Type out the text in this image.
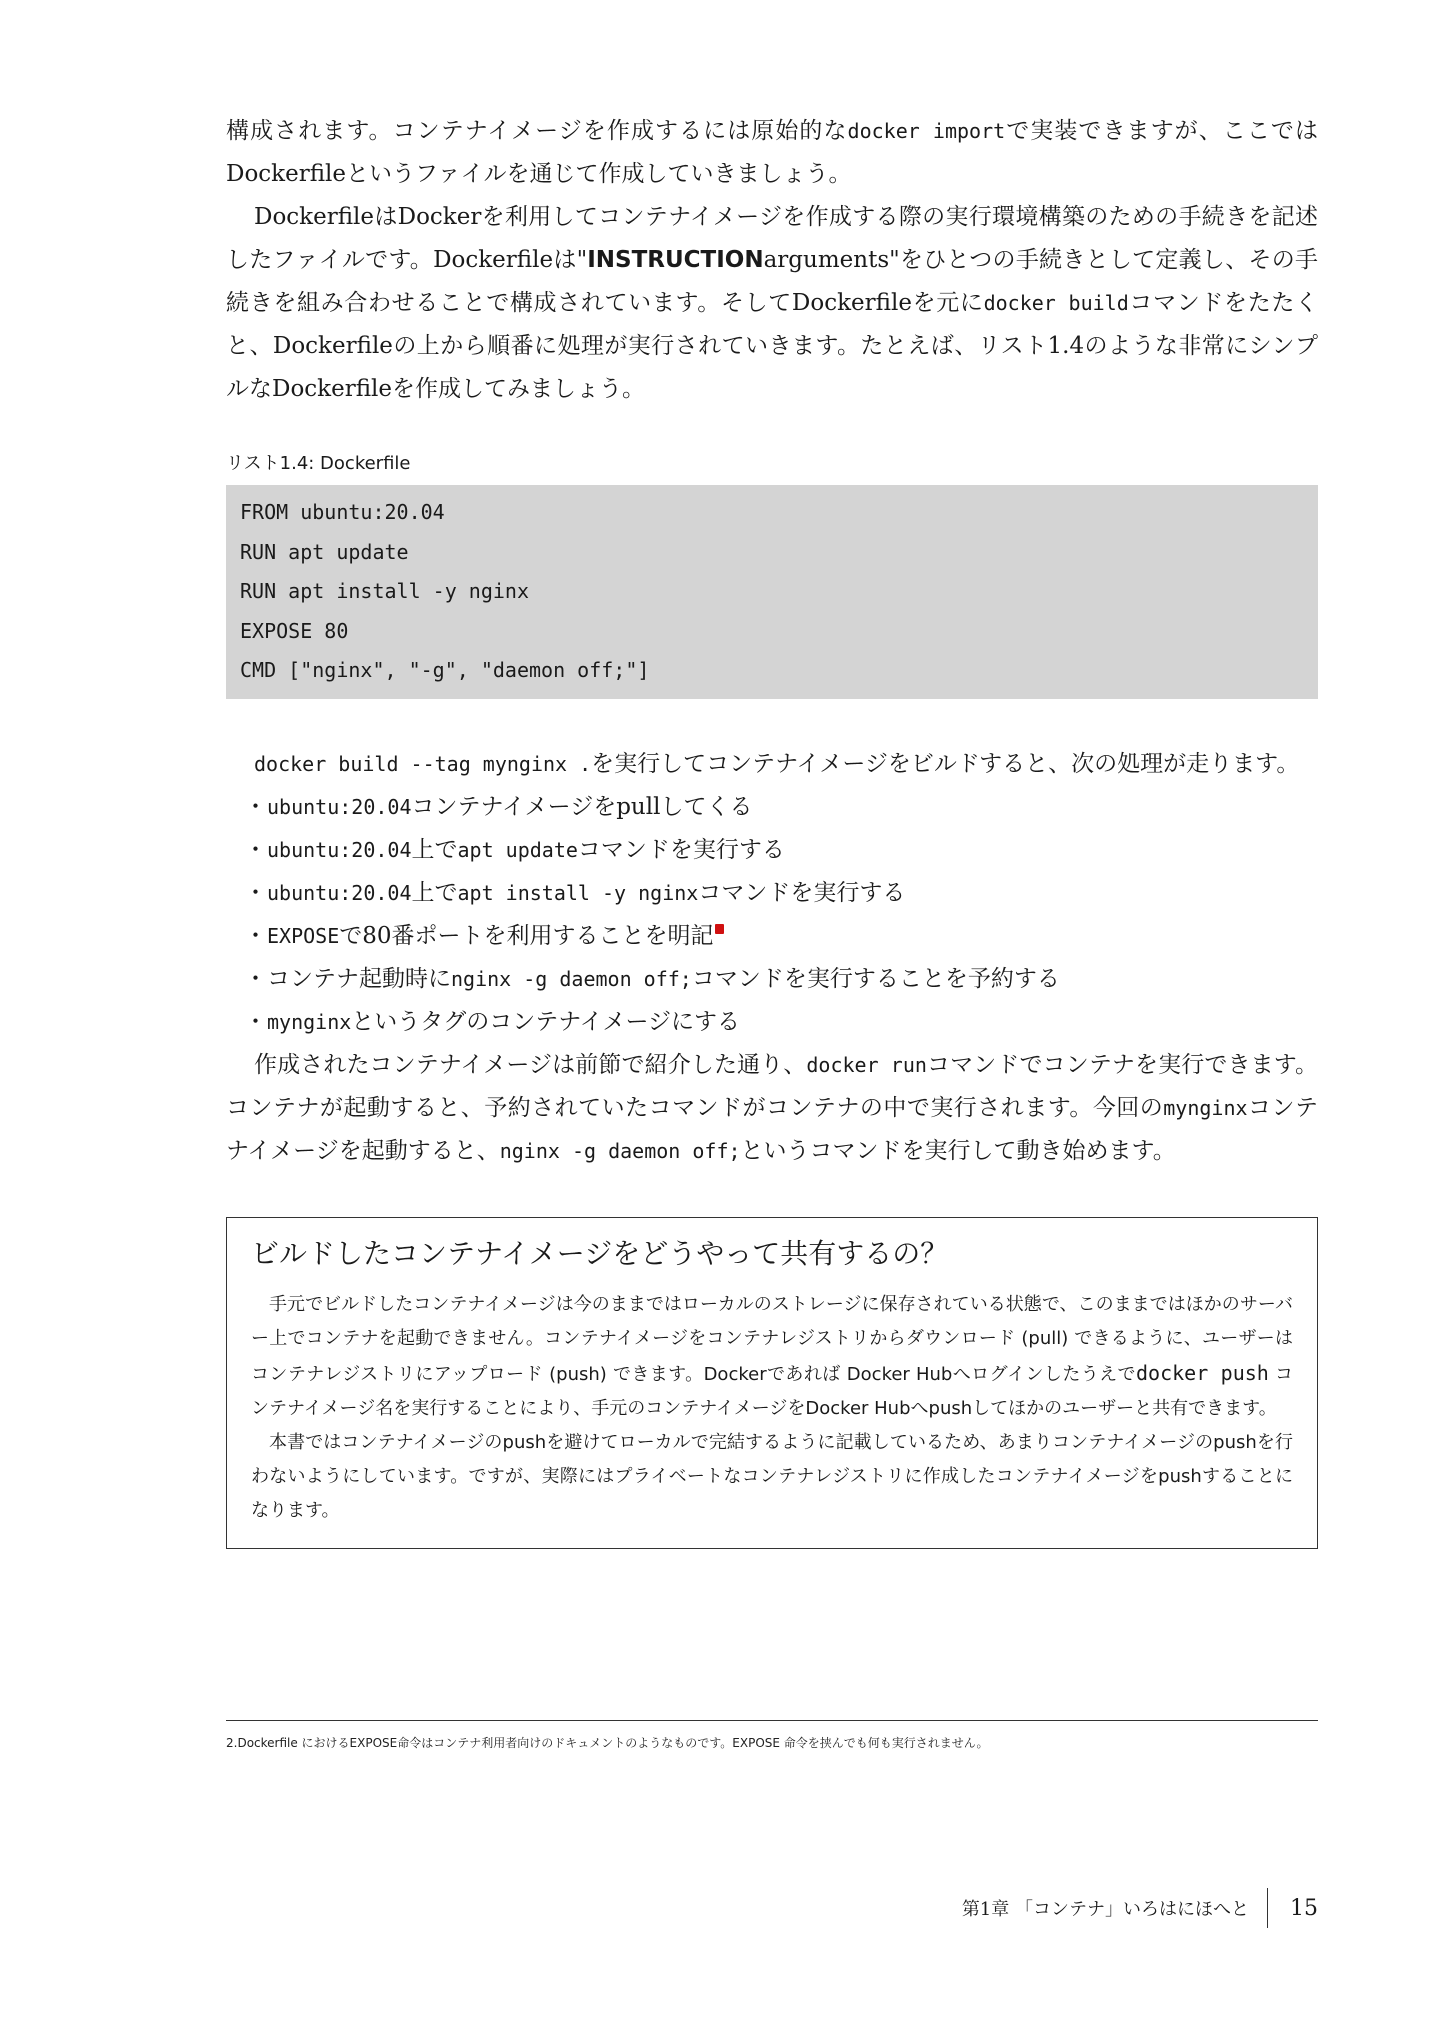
構成されます。コンテナイメージを作成するには原始的なdocker importで実装できますが、ここではDockerfileというファイルを通じて作成していきましょう。

DockerfileはDockerを利用してコンテナイメージを作成する際の実行環境構築のための手続きを記述したファイルです。Dockerfileは"INSTRUCTIONarguments"をひとつの手続きとして定義し、その手続きを組み合わせることで構成されています。そしてDockerfileを元にdocker buildコマンドをたたくと、Dockerfileの上から順番に処理が実行されていきます。たとえば、リスト1.4のような非常にシンプルなDockerfileを作成してみましょう。

リスト1.4: Dockerfile
FROM ubuntu:20.04
RUN apt update
RUN apt install -y nginx
EXPOSE 80
CMD ["nginx", "-g", "daemon off;"]

docker build --tag mynginx .を実行してコンテナイメージをビルドすると、次の処理が走ります。

・ubuntu:20.04コンテナイメージをpullしてくる
・ubuntu:20.04上でapt updateコマンドを実行する
・ubuntu:20.04上でapt install -y nginxコマンドを実行する
・EXPOSEで80番ポートを利用することを明記
・コンテナ起動時にnginx -g daemon off;コマンドを実行することを予約する
・mynginxというタグのコンテナイメージにする

作成されたコンテナイメージは前節で紹介した通り、docker runコマンドでコンテナを実行できます。コンテナが起動すると、予約されていたコマンドがコンテナの中で実行されます。今回のmynginxコンテナイメージを起動すると、nginx -g daemon off;というコマンドを実行して動き始めます。

ビルドしたコンテナイメージをどうやって共有するの？

手元でビルドしたコンテナイメージは今のままではローカルのストレージに保存されている状態で、このままではほかのサーバー上でコンテナを起動できません。コンテナイメージをコンテナレジストリからダウンロード (pull) できるように、ユーザーはコンテナレジストリにアップロード (push) できます。Dockerであれば Docker Hubへログインしたうえでdocker push コンテナイメージ名を実行することにより、手元のコンテナイメージをDocker Hubへpushしてほかのユーザーと共有できます。

本書ではコンテナイメージのpushを避けてローカルで完結するように記載しているため、あまりコンテナイメージのpushを行わないようにしています。ですが、実際にはプライベートなコンテナレジストリに作成したコンテナイメージをpushすることになります。

2.Dockerfile におけるEXPOSE命令はコンテナ利用者向けのドキュメントのようなものです。EXPOSE 命令を挟んでも何も実行されません。
第1章 「コンテナ」いろはにほへと	15
